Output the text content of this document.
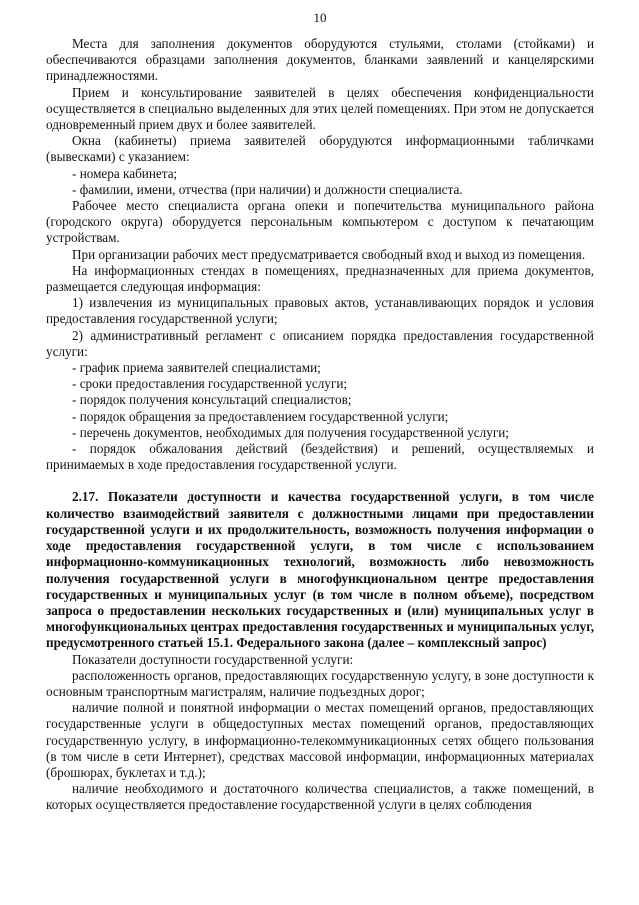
10

Места для заполнения документов оборудуются стульями, столами (стойками) и обеспечиваются образцами заполнения документов, бланками заявлений и канцелярскими принадлежностями.

Прием и консультирование заявителей в целях обеспечения конфиденциальности осуществляется в специально выделенных для этих целей помещениях. При этом не допускается одновременный прием двух и более заявителей.

Окна (кабинеты) приема заявителей оборудуются информационными табличками (вывесками) с указанием:

- номера кабинета;

- фамилии, имени, отчества (при наличии) и должности специалиста.

Рабочее место специалиста органа опеки и попечительства муниципального района (городского округа) оборудуется персональным компьютером с доступом к печатающим устройствам.

При организации рабочих мест предусматривается свободный вход и выход из помещения.

На информационных стендах в помещениях, предназначенных для приема документов, размещается следующая информация:

1) извлечения из муниципальных правовых актов, устанавливающих порядок и условия предоставления государственной услуги;

2) административный регламент с описанием порядка предоставления государственной услуги:

- график приема заявителей специалистами;

- сроки предоставления государственной услуги;

- порядок получения консультаций специалистов;

- порядок обращения за предоставлением государственной услуги;

- перечень документов, необходимых для получения государственной услуги;

- порядок обжалования действий (бездействия) и решений, осуществляемых и принимаемых в ходе предоставления государственной услуги.

2.17. Показатели доступности и качества государственной услуги, в том числе количество взаимодействий заявителя с должностными лицами при предоставлении государственной услуги и их продолжительность, возможность получения информации о ходе предоставления государственной услуги, в том числе с использованием информационно-коммуникационных технологий, возможность либо невозможность получения государственной услуги в многофункциональном центре предоставления государственных и муниципальных услуг (в том числе в полном объеме), посредством запроса о предоставлении нескольких государственных и (или) муниципальных услуг в многофункциональных центрах предоставления государственных и муниципальных услуг, предусмотренного статьей 15.1. Федерального закона (далее – комплексный запрос)

Показатели доступности государственной услуги:

расположенность органов, предоставляющих государственную услугу, в зоне доступности к основным транспортным магистралям, наличие подъездных дорог;

наличие полной и понятной информации о местах помещений органов, предоставляющих государственные услуги в общедоступных местах помещений органов, предоставляющих государственную услугу, в информационно-телекоммуникационных сетях общего пользования (в том числе в сети Интернет), средствах массовой информации, информационных материалах (брошюрах, буклетах и т.д.);

наличие необходимого и достаточного количества специалистов, а также помещений, в которых осуществляется предоставление государственной услуги в целях соблюдения
